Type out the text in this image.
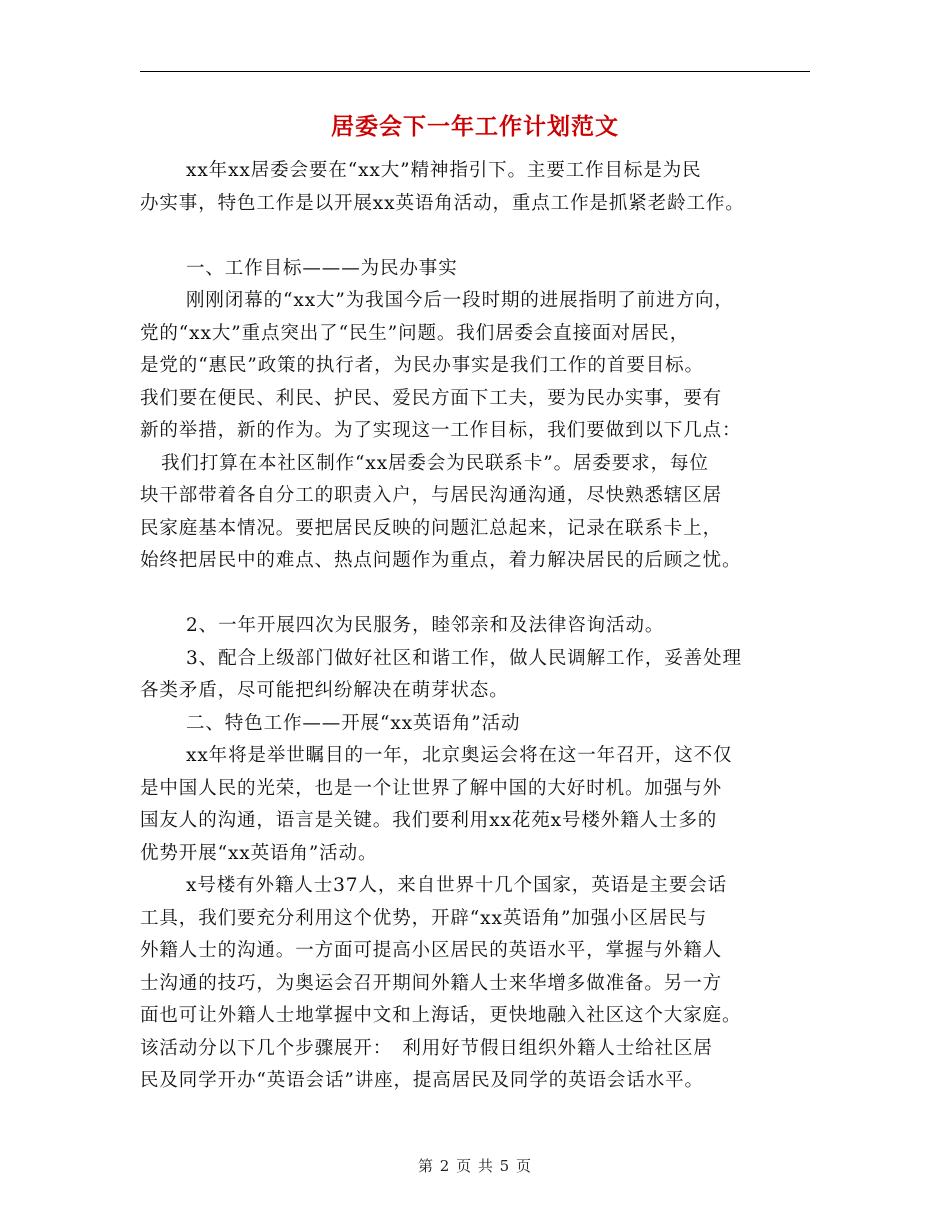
居委会下一年工作计划范文
xx年xx居委会要在“xx大”精神指引下。主要工作目标是为民
办实事，特色工作是以开展xx英语角活动，重点工作是抓紧老龄工作。
一、工作目标———为民办事实
刚刚闭幕的“xx大”为我国今后一段时期的进展指明了前进方向，
党的“xx大”重点突出了“民生”问题。我们居委会直接面对居民，
是党的“惠民”政策的执行者，为民办事实是我们工作的首要目标。
我们要在便民、利民、护民、爱民方面下工夫，要为民办实事，要有
新的举措，新的作为。为了实现这一工作目标，我们要做到以下几点：
我们打算在本社区制作“xx居委会为民联系卡”。居委要求，每位
块干部带着各自分工的职责入户，与居民沟通沟通，尽快熟悉辖区居
民家庭基本情况。要把居民反映的问题汇总起来，记录在联系卡上，
始终把居民中的难点、热点问题作为重点，着力解决居民的后顾之忧。
2、一年开展四次为民服务，睦邻亲和及法律咨询活动。
3、配合上级部门做好社区和谐工作，做人民调解工作，妥善处理
各类矛盾，尽可能把纠纷解决在萌芽状态。
二、特色工作——开展“xx英语角”活动
xx年将是举世瞩目的一年，北京奥运会将在这一年召开，这不仅
是中国人民的光荣，也是一个让世界了解中国的大好时机。加强与外
国友人的沟通，语言是关键。我们要利用xx花苑x号楼外籍人士多的
优势开展“xx英语角”活动。
x号楼有外籍人士37人，来自世界十几个国家，英语是主要会话
工具，我们要充分利用这个优势，开辟“xx英语角”加强小区居民与
外籍人士的沟通。一方面可提高小区居民的英语水平，掌握与外籍人
士沟通的技巧，为奥运会召开期间外籍人士来华增多做准备。另一方
面也可让外籍人士地掌握中文和上海话，更快地融入社区这个大家庭。
该活动分以下几个步骤展开：　利用好节假日组织外籍人士给社区居
民及同学开办“英语会话”讲座，提高居民及同学的英语会话水平。
第 2 页 共 5 页
